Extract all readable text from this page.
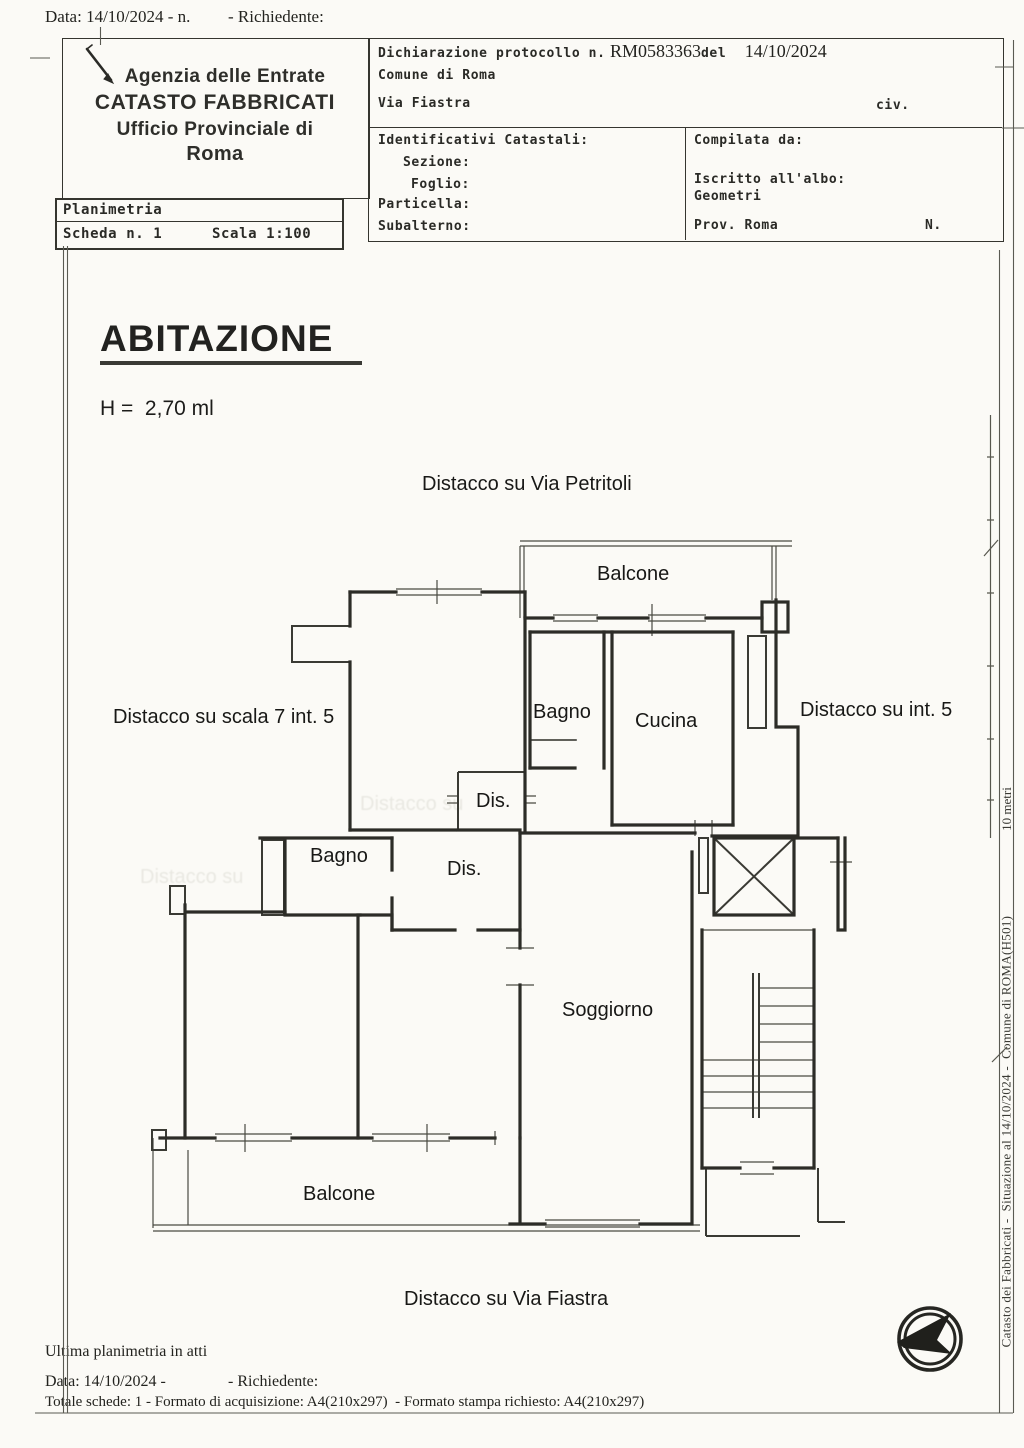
Data: 14/10/2024 - n. - Richiedente:
Agenzia delle Entrate
CATASTO FABBRICATI
Ufficio Provinciale di
Roma
Planimetria
Scheda n. 1	Scala 1:100
Dichiarazione protocollo n. RM0583363del 14/10/2024
Comune di Roma
Via Fiastra	civ.
Identificativi Catastali:
Sezione:
Foglio:
Particella:
Subalterno:
Compilata da:
Iscritto all'albo:
Geometri
Prov. Roma	N.
ABITAZIONE
H =  2,70 ml
Distacco su Via Petritoli
Distacco su scala 7 int. 5	Distacco su int. 5
Distacco su Via Fiastra
Balcone
Bagno Cucina
Dis.
Bagno
Dis.
Soggiorno
Balcone
Distacco su
Distacco su
Catasto dei Fabbricati -  Situazione al 14/10/2024 -  Comune di ROMA(H501)
10 metri
Ultima planimetria in atti
Data: 14/10/2024 -	- Richiedente:
Totale schede: 1 - Formato di acquisizione: A4(210x297)  - Formato stampa richiesto: A4(210x297)
